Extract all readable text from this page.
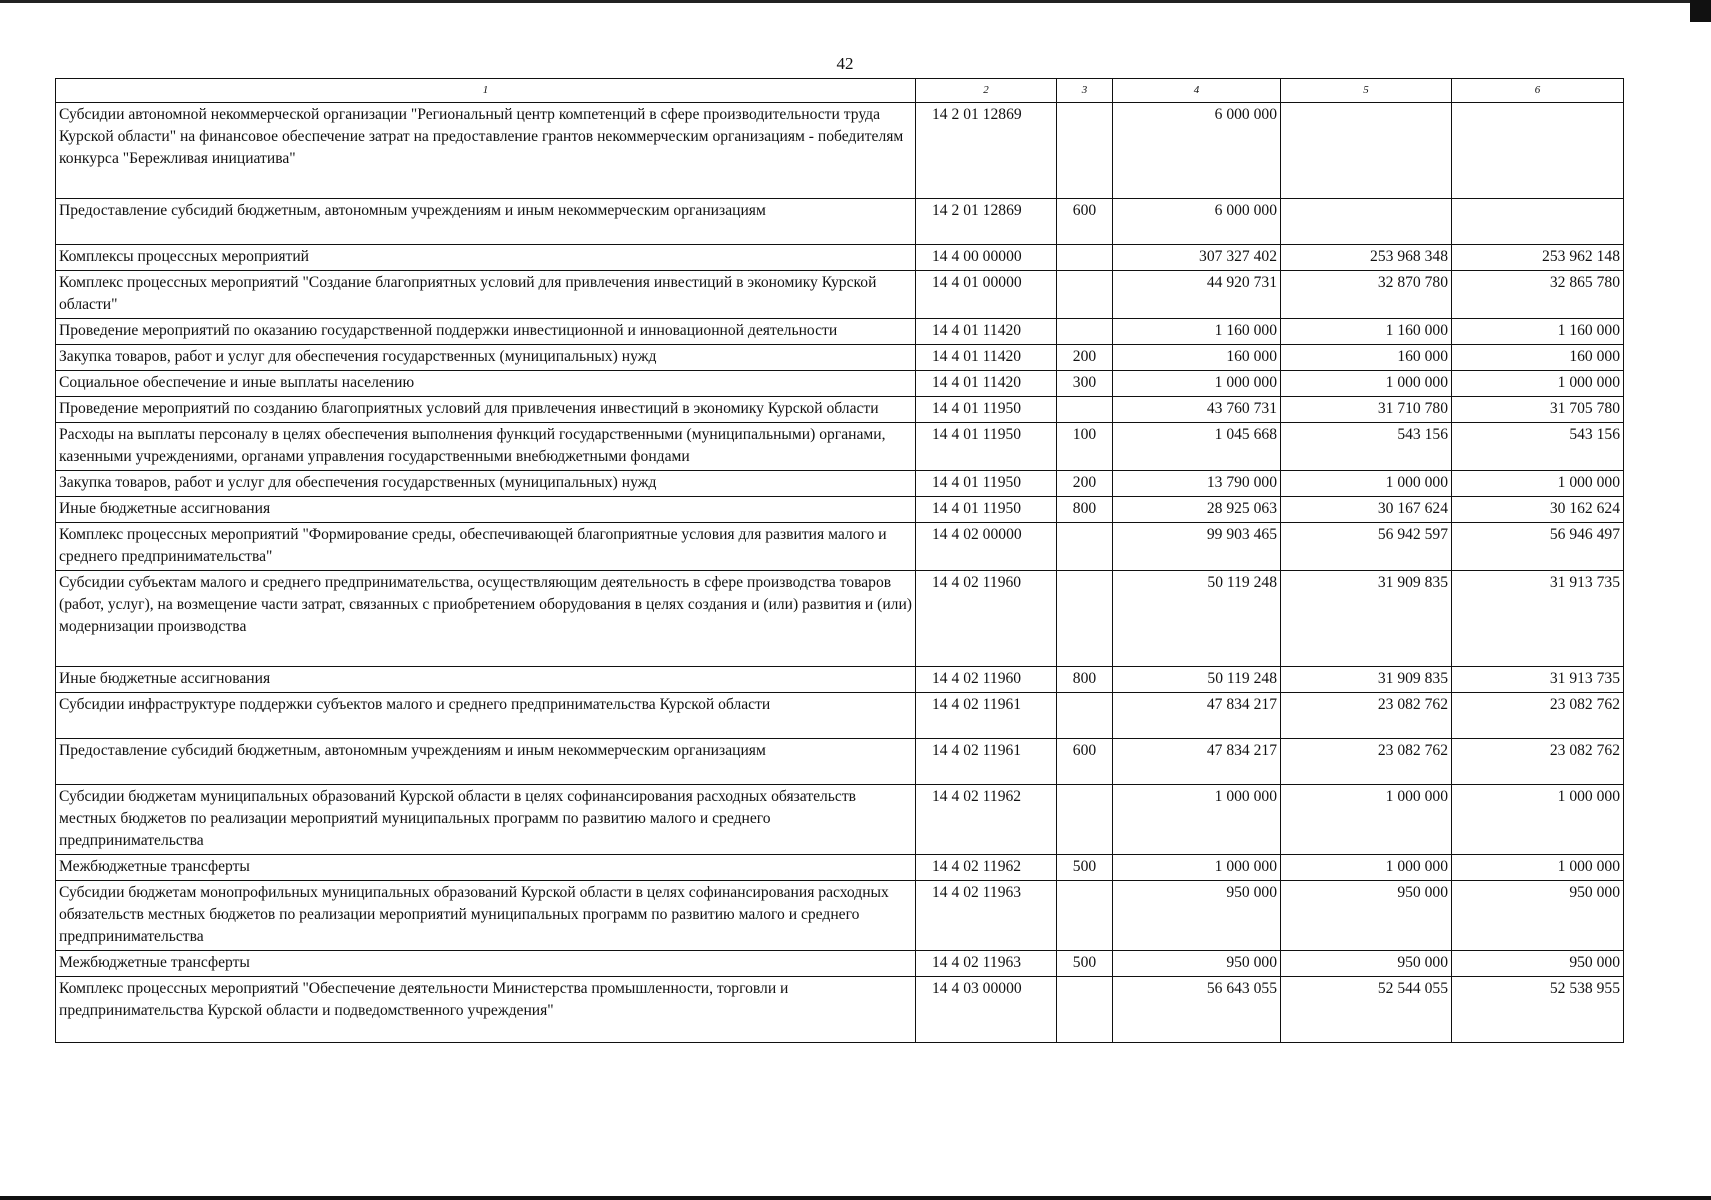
42
1	2	3	4	5	6
Субсидии автономной некоммерческой организации "Региональный центр компетенций в сфере производительности труда Курской области" на финансовое обеспечение затрат на предоставление грантов некоммерческим организациям - победителям конкурса "Бережливая инициатива"	14 2 01 12869		6 000 000		
Предоставление субсидий бюджетным, автономным учреждениям и иным некоммерческим организациям	14 2 01 12869	600	6 000 000		
Комплексы процессных мероприятий	14 4 00 00000		307 327 402	253 968 348	253 962 148
Комплекс процессных мероприятий "Создание благоприятных условий для привлечения инвестиций в экономику Курской области"	14 4 01 00000		44 920 731	32 870 780	32 865 780
Проведение мероприятий по оказанию государственной поддержки инвестиционной и инновационной деятельности	14 4 01 11420		1 160 000	1 160 000	1 160 000
Закупка товаров, работ и услуг для обеспечения государственных (муниципальных) нужд	14 4 01 11420	200	160 000	160 000	160 000
Социальное обеспечение и иные выплаты населению	14 4 01 11420	300	1 000 000	1 000 000	1 000 000
Проведение мероприятий по созданию благоприятных условий для привлечения инвестиций в экономику Курской области	14 4 01 11950		43 760 731	31 710 780	31 705 780
Расходы на выплаты персоналу в целях обеспечения выполнения функций государственными (муниципальными) органами, казенными учреждениями, органами управления государственными внебюджетными фондами	14 4 01 11950	100	1 045 668	543 156	543 156
Закупка товаров, работ и услуг для обеспечения государственных (муниципальных) нужд	14 4 01 11950	200	13 790 000	1 000 000	1 000 000
Иные бюджетные ассигнования	14 4 01 11950	800	28 925 063	30 167 624	30 162 624
Комплекс процессных мероприятий "Формирование среды, обеспечивающей благоприятные условия для развития малого и среднего предпринимательства"	14 4 02 00000		99 903 465	56 942 597	56 946 497
Субсидии субъектам малого и среднего предпринимательства, осуществляющим деятельность в сфере производства товаров (работ, услуг), на возмещение части затрат, связанных с приобретением оборудования в целях создания и (или) развития и (или) модернизации производства	14 4 02 11960		50 119 248	31 909 835	31 913 735
Иные бюджетные ассигнования	14 4 02 11960	800	50 119 248	31 909 835	31 913 735
Субсидии инфраструктуре поддержки субъектов малого и среднего предпринимательства Курской области	14 4 02 11961		47 834 217	23 082 762	23 082 762
Предоставление субсидий бюджетным, автономным учреждениям и иным некоммерческим организациям	14 4 02 11961	600	47 834 217	23 082 762	23 082 762
Субсидии бюджетам муниципальных образований Курской области в целях софинансирования расходных обязательств местных бюджетов по реализации мероприятий муниципальных программ по развитию малого и среднего предпринимательства	14 4 02 11962		1 000 000	1 000 000	1 000 000
Межбюджетные трансферты	14 4 02 11962	500	1 000 000	1 000 000	1 000 000
Субсидии бюджетам монопрофильных муниципальных образований Курской области в целях софинансирования расходных обязательств местных бюджетов по реализации мероприятий муниципальных программ по развитию малого и среднего предпринимательства	14 4 02 11963		950 000	950 000	950 000
Межбюджетные трансферты	14 4 02 11963	500	950 000	950 000	950 000
Комплекс процессных мероприятий "Обеспечение деятельности Министерства промышленности, торговли и предпринимательства Курской области и подведомственного учреждения"	14 4 03 00000		56 643 055	52 544 055	52 538 955
